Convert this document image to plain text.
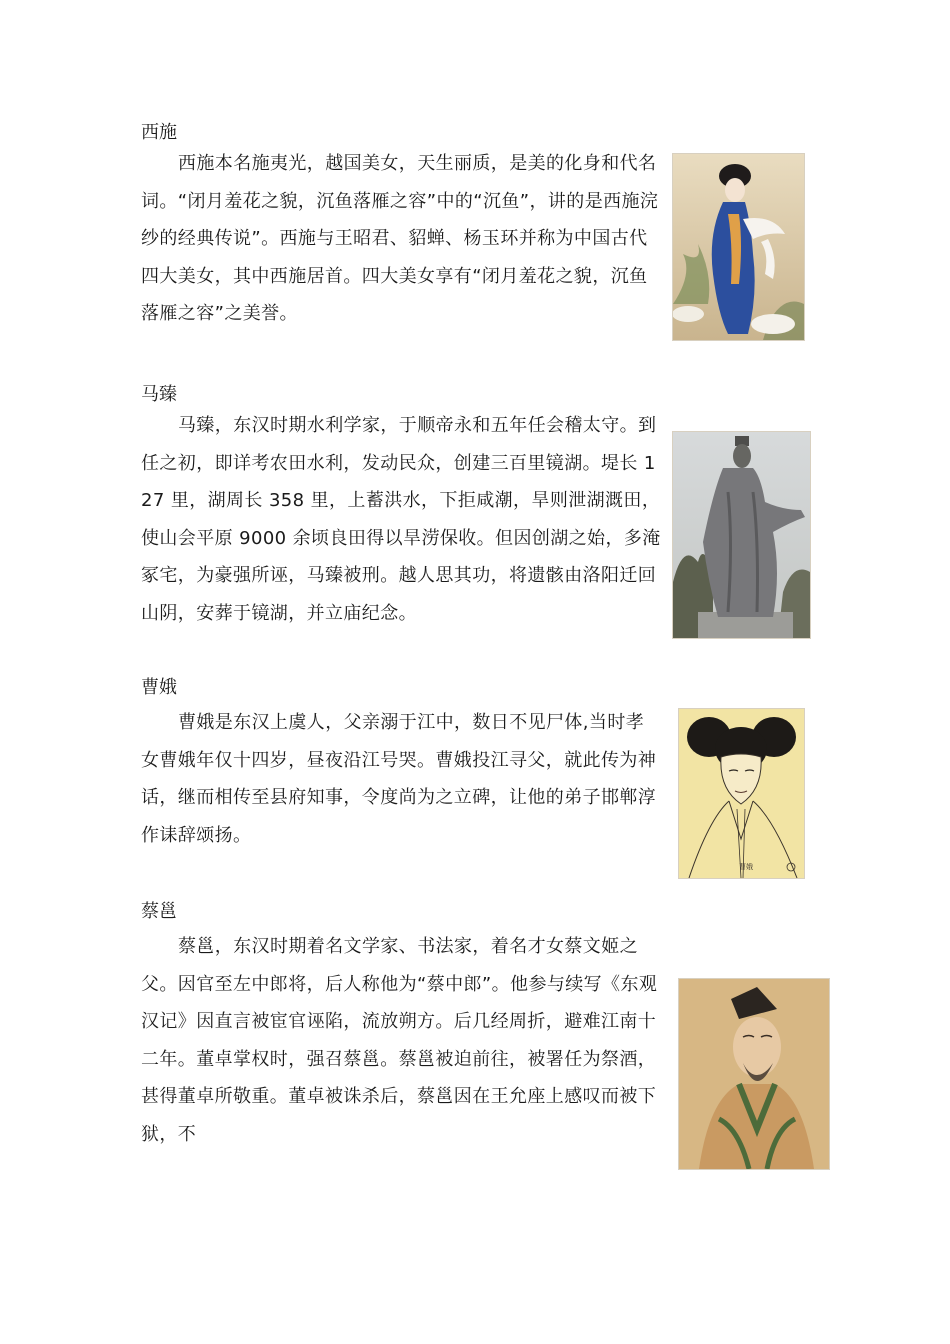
西施

西施本名施夷光，越国美女，天生丽质，是美的化身和代名词。“闭月羞花之貌，沉鱼落雁之容”中的“沉鱼”，讲的是西施浣纱的经典传说”。西施与王昭君、貂蝉、杨玉环并称为中国古代四大美女，其中西施居首。四大美女享有“闭月羞花之貌，沉鱼落雁之容”之美誉。

马臻

马臻，东汉时期水利学家，于顺帝永和五年任会稽太守。到任之初，即详考农田水利，发动民众，创建三百里镜湖。堤长 127 里，湖周长 358 里，上蓄洪水，下拒咸潮，旱则泄湖溉田，使山会平原 9000 余顷良田得以旱涝保收。但因创湖之始，多淹冢宅，为豪强所诬，马臻被刑。越人思其功，将遗骸由洛阳迁回山阴，安葬于镜湖，并立庙纪念。

曹娥

曹娥是东汉上虞人，父亲溺于江中，数日不见尸体,当时孝女曹娥年仅十四岁，昼夜沿江号哭。曹娥投江寻父，就此传为神话，继而相传至县府知事，令度尚为之立碑，让他的弟子邯郸淳作诔辞颂扬。

曹娥
蔡邕

蔡邕，东汉时期着名文学家、书法家，着名才女蔡文姬之父。因官至左中郎将，后人称他为“蔡中郎”。他参与续写《东观汉记》因直言被宦官诬陷，流放朔方。后几经周折，避难江南十二年。董卓掌权时，强召蔡邕。蔡邕被迫前往，被署任为祭酒，甚得董卓所敬重。董卓被诛杀后，蔡邕因在王允座上感叹而被下狱，不
